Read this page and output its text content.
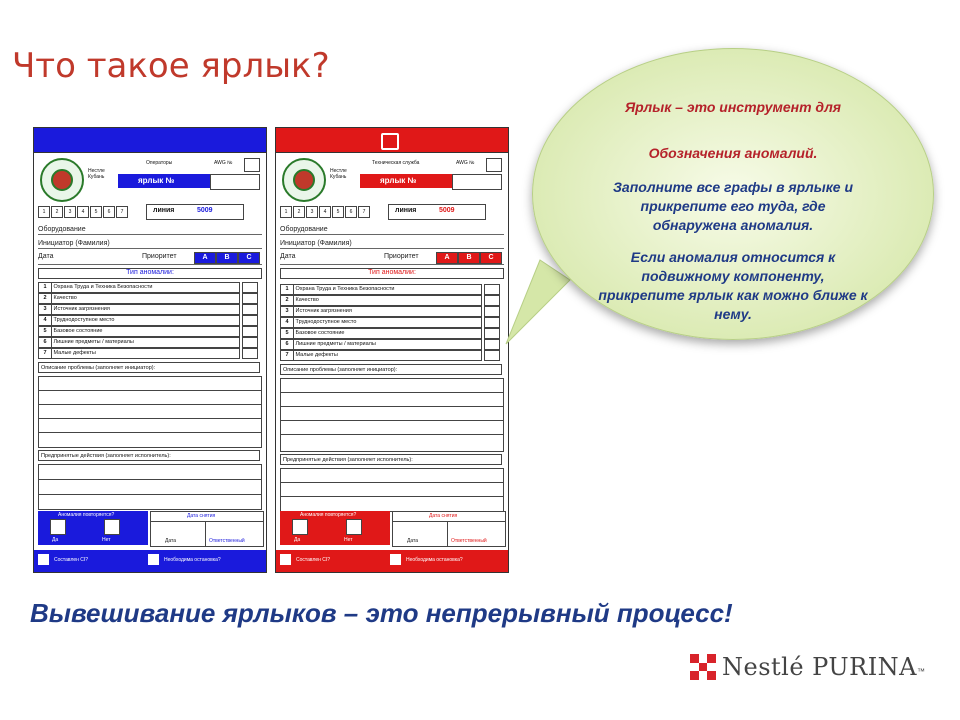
Что такое ярлык?
Нестле Кубань
Операторы	AWG №
ярлык №
1	2	3	4	5	6	7	линия	5009
Оборудование
Инициатор (Фамилия)
Дата	Приоритет	A	B	C
Тип аномалии:
1 Охрана Труда и Техника Безопасности
2 Качество
3 Источник загрязнения
4 Труднодоступное место
5 Базовое состояние
6 Лишние предметы / материалы
7 Малые дефекты
Описание проблемы (заполняет инициатор):
Предпринятые действия (заполняет исполнитель):
Аномалия повторяется?
Да	Нет
Дата снятия
Дата	Ответственный
Составлен CI?	Необходима остановка?
Нестле Кубань
Техническая служба	AWG №
ярлык №
1	2	3	4	5	6	7	линия	5009
Оборудование
Инициатор (Фамилия)
Дата	Приоритет	A	B	C
Тип аномалии:
1 Охрана Труда и Техника Безопасности
2 Качество
3 Источник загрязнения
4 Труднодоступное место
5 Базовое состояние
6 Лишние предметы / материалы
7 Малые дефекты
Описание проблемы (заполняет инициатор):
Предпринятые действия (заполняет исполнитель):
Аномалия повторяется?
Да	Нет
Дата снятия
Дата	Ответственный
Составлен CI?	Необходима остановка?
Ярлык – это инструмент для
Обозначения аномалий.
Заполните все графы в ярлыке и прикрепите его туда, где обнаружена аномалия.
Если аномалия относится к подвижному компоненту, прикрепите ярлык как можно ближе к нему.
Вывешивание ярлыков – это непрерывный процесс!
Nestlé PURINA ™
